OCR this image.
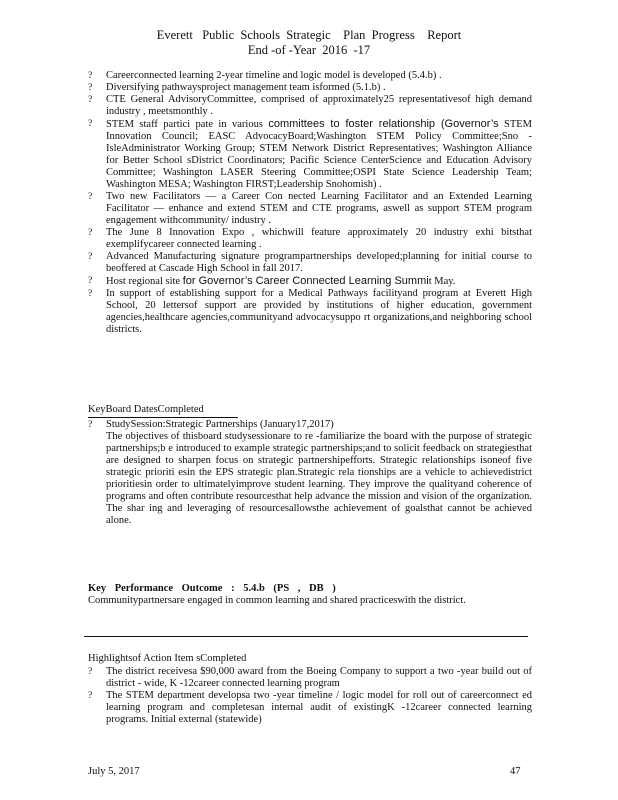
Everett   Public  Schools  Strategic    Plan  Progress    Report
End -of -Year  2016  -17

? Careerconnected learning 2-year timeline and logic model is developed (5.4.b) .

? Diversifying pathwaysproject management team isformed (5.1.b) .

? CTE General AdvisoryCommittee, comprised of approximately25 representativesof high demand industry , meetsmonthly .

? STEM staff partici pate in various committees to foster relationship (Governor’s STEM Innovation Council; EASC AdvocacyBoard;Washington STEM Policy Committee;Sno - IsleAdministrator Working Group; STEM Network District Representatives; Washington Alliance for Better School sDistrict Coordinators; Pacific Science CenterScience and Education Advisory Committee; Washington LASER Steering Committee;OSPI State Science Leadership Team; Washington MESA; Washington FIRST;Leadership Snohomish) .

? Two new Facilitators — a Career Con nected Learning Facilitator and an Extended Learning Facilitator — enhance and extend STEM and CTE programs, aswell as support STEM program engagement withcommunity/ industry .

? The June 8 Innovation Expo , whichwill feature approximately 20 industry exhi bitsthat exemplifycareer connected learning .

? Advanced Manufacturing signature programpartnerships developed;planning for initial course to beoffered at Cascade High School in fall 2017.

? Host regional site for Governor’s Career Connected Learning Summit May.

? In support of establishing support for a Medical Pathways facilityand program at Everett High School, 20 lettersof support are provided by institutions of higher education, government agencies,healthcare agencies,communityand advocacysuppo rt organizations,and neighboring school districts.

KeyBoard DatesCompleted

? StudySession:Strategic Partnerships (January17,2017)

The objectives of thisboard studysessionare to re -familiarize the board with the purpose of strategic partnerships;b e introduced to example strategic partnerships;and to solicit feedback on strategiesthat are designed to sharpen focus on strategic partnershipefforts. Strategic relationships isoneof five strategic prioriti esin the EPS strategic plan.Strategic rela tionships are a vehicle to achievedistrict prioritiesin order to ultimatelyimprove student learning. They improve the qualityand coherence of programs and often contribute resourcesthat help advance the mission and vision of the organization. The shar ing and leveraging of resourcesallowsthe achievement of goalsthat cannot be achieved alone.
Key Performance Outcome : 5.4.b (PS , DB )
Communitypartnersare engaged in common learning and shared practiceswith the district.
Highlightsof Action Item sCompleted

? The district receivesa $90,000 award from the Boeing Company to support a two -year build out of district - wide, K -12career connected learning program

? The STEM department developsa two -year timeline / logic model for roll out of careerconnect ed learning program and completesan internal audit of existingK -12career connected learning programs. Initial external (statewide)

July 5, 2017	47
